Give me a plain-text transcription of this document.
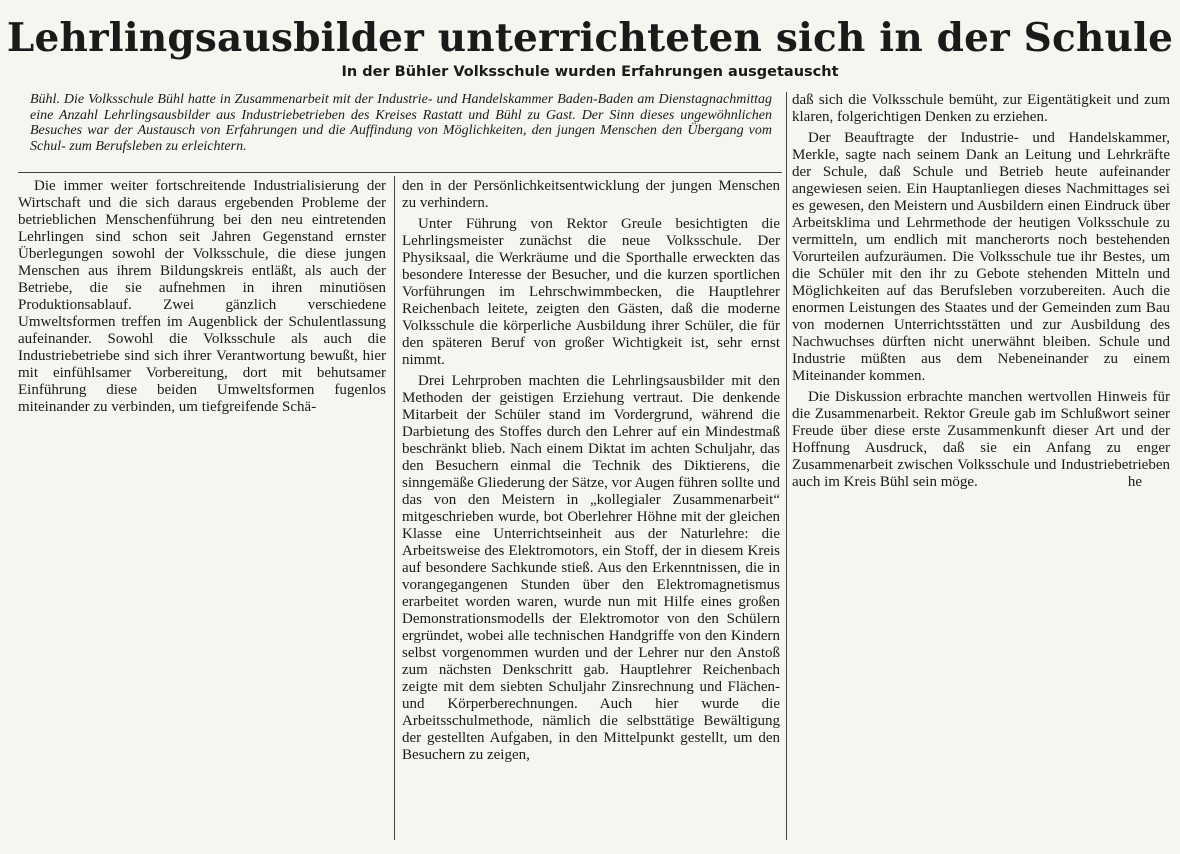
Lehrlingsausbilder unterrichteten sich in der Schule
In der Bühler Volksschule wurden Erfahrungen ausgetauscht
Bühl. Die Volksschule Bühl hatte in Zusammenarbeit mit der Industrie- und Handelskammer Baden-Baden am Dienstagnachmittag eine Anzahl Lehrlingsausbilder aus Industriebetrieben des Kreises Rastatt und Bühl zu Gast. Der Sinn dieses ungewöhnlichen Besuches war der Austausch von Erfahrungen und die Auffindung von Möglichkeiten, den jungen Menschen den Übergang vom Schul- zum Berufsleben zu erleichtern.

Die immer weiter fortschreitende Industrialisierung der Wirtschaft und die sich daraus ergebenden Probleme der betrieblichen Menschenführung bei den neu eintretenden Lehrlingen sind schon seit Jahren Gegenstand ernster Überlegungen sowohl der Volksschule, die diese jungen Menschen aus ihrem Bildungskreis entläßt, als auch der Betriebe, die sie aufnehmen in ihren minutiösen Produktionsablauf. Zwei gänzlich verschiedene Umweltsformen treffen im Augenblick der Schulentlassung aufeinander. Sowohl die Volksschule als auch die Industriebetriebe sind sich ihrer Verantwortung bewußt, hier mit einfühlsamer Vorbereitung, dort mit behutsamer Einführung diese beiden Umweltsformen fugenlos miteinander zu verbinden, um tiefgreifende Schä-

den in der Persönlichkeitsentwicklung der jungen Menschen zu verhindern.

Unter Führung von Rektor Greule besichtigten die Lehrlingsmeister zunächst die neue Volksschule. Der Physiksaal, die Werkräume und die Sporthalle erweckten das besondere Interesse der Besucher, und die kurzen sportlichen Vorführungen im Lehrschwimmbecken, die Hauptlehrer Reichenbach leitete, zeigten den Gästen, daß die moderne Volksschule die körperliche Ausbildung ihrer Schüler, die für den späteren Beruf von großer Wichtigkeit ist, sehr ernst nimmt.

Drei Lehrproben machten die Lehrlingsausbilder mit den Methoden der geistigen Erziehung vertraut. Die denkende Mitarbeit der Schüler stand im Vordergrund, während die Darbietung des Stoffes durch den Lehrer auf ein Mindestmaß beschränkt blieb. Nach einem Diktat im achten Schuljahr, das den Besuchern einmal die Technik des Diktierens, die sinngemäße Gliederung der Sätze, vor Augen führen sollte und das von den Meistern in „kollegialer Zusammenarbeit“ mitgeschrieben wurde, bot Oberlehrer Höhne mit der gleichen Klasse eine Unterrichtseinheit aus der Naturlehre: die Arbeitsweise des Elektromotors, ein Stoff, der in diesem Kreis auf besondere Sachkunde stieß. Aus den Erkenntnissen, die in vorangegangenen Stunden über den Elektromagnetismus erarbeitet worden waren, wurde nun mit Hilfe eines großen Demonstrationsmodells der Elektromotor von den Schülern ergründet, wobei alle technischen Handgriffe von den Kindern selbst vorgenommen wurden und der Lehrer nur den Anstoß zum nächsten Denkschritt gab. Hauptlehrer Reichenbach zeigte mit dem siebten Schuljahr Zinsrechnung und Flächen- und Körperberechnungen. Auch hier wurde die Arbeitsschulmethode, nämlich die selbsttätige Bewältigung der gestellten Aufgaben, in den Mittelpunkt gestellt, um den Besuchern zu zeigen,

daß sich die Volksschule bemüht, zur Eigentätigkeit und zum klaren, folgerichtigen Denken zu erziehen.

Der Beauftragte der Industrie- und Handelskammer, Merkle, sagte nach seinem Dank an Leitung und Lehrkräfte der Schule, daß Schule und Betrieb heute aufeinander angewiesen seien. Ein Hauptanliegen dieses Nachmittages sei es gewesen, den Meistern und Ausbildern einen Eindruck über Arbeitsklima und Lehrmethode der heutigen Volksschule zu vermitteln, um endlich mit mancherorts noch bestehenden Vorurteilen aufzuräumen. Die Volksschule tue ihr Bestes, um die Schüler mit den ihr zu Gebote stehenden Mitteln und Möglichkeiten auf das Berufsleben vorzubereiten. Auch die enormen Leistungen des Staates und der Gemeinden zum Bau von modernen Unterrichtsstätten und zur Ausbildung des Nachwuchses dürften nicht unerwähnt bleiben. Schule und Industrie müßten aus dem Nebeneinander zu einem Miteinander kommen.

Die Diskussion erbrachte manchen wertvollen Hinweis für die Zusammenarbeit. Rektor Greule gab im Schlußwort seiner Freude über diese erste Zusammenkunft dieser Art und der Hoffnung Ausdruck, daß sie ein Anfang zu enger Zusammenarbeit zwischen Volksschule und Industriebetrieben auch im Kreis Bühl sein möge.	he
